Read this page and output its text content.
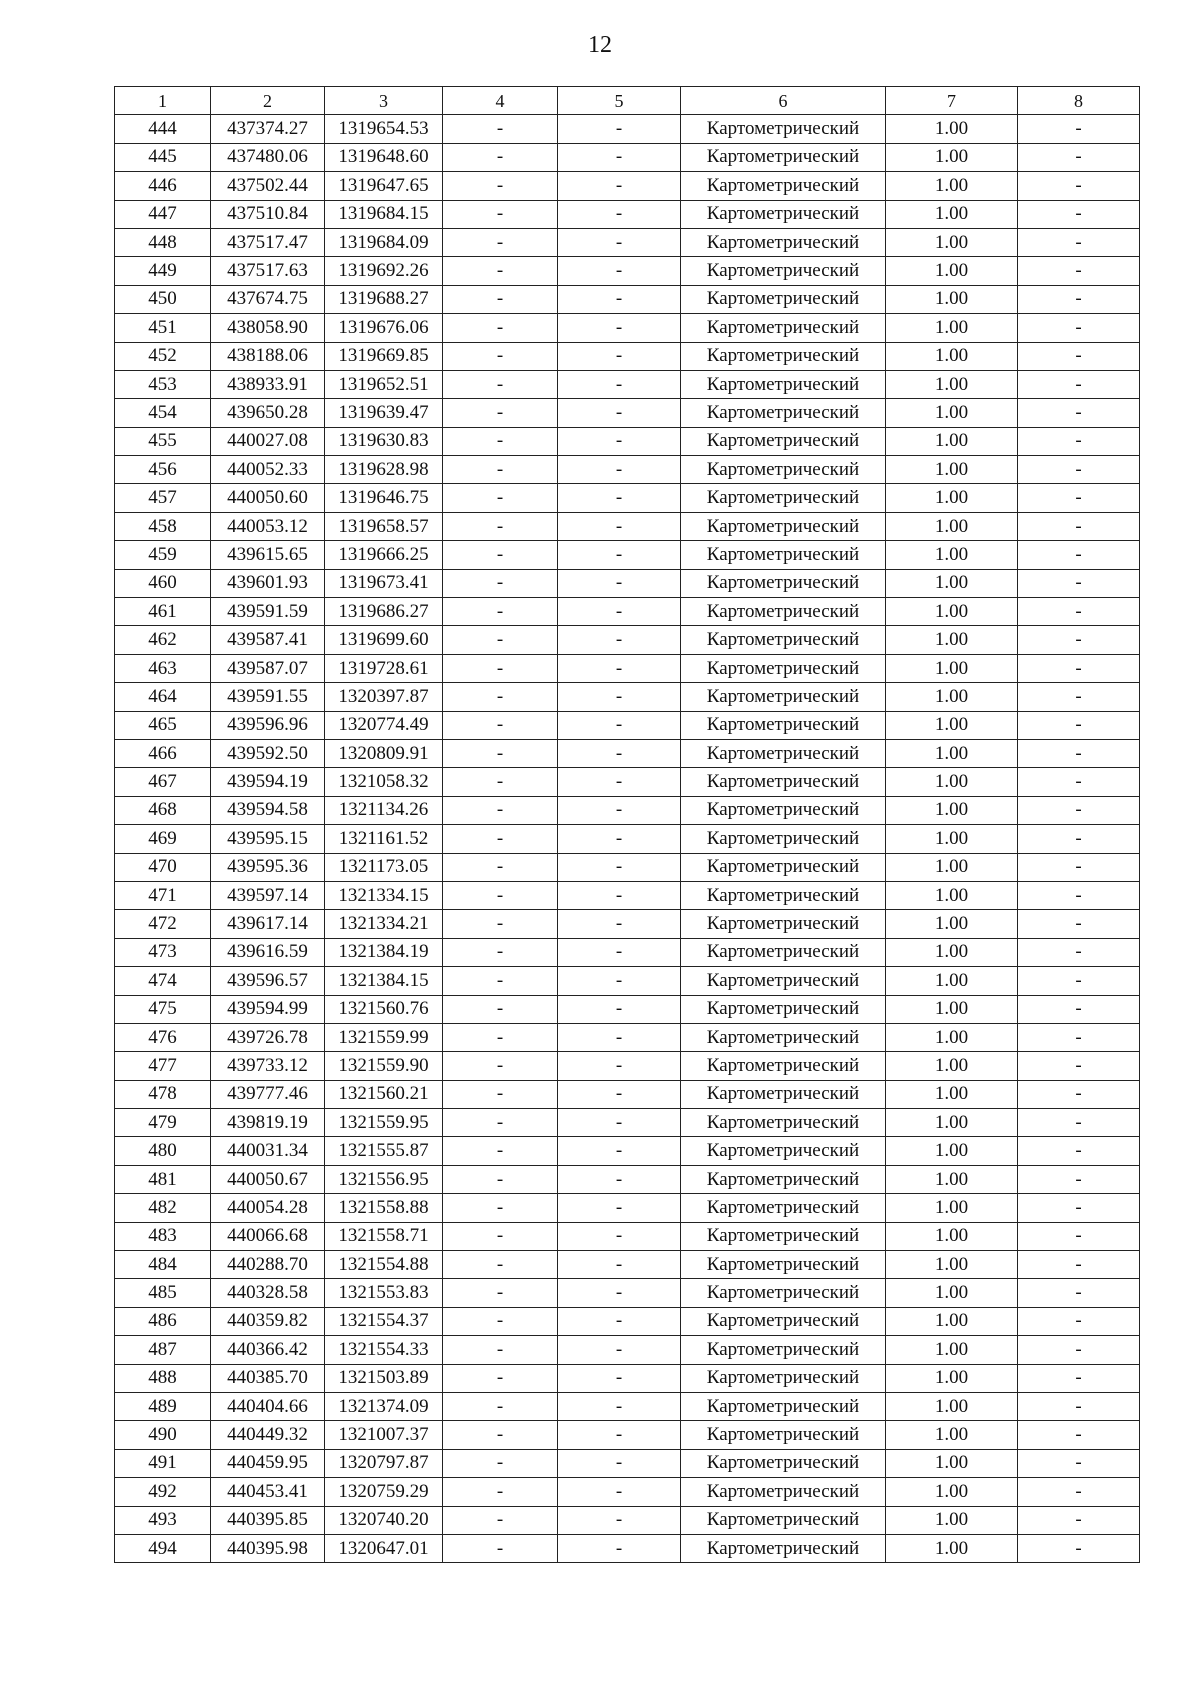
12
1	2	3	4	5	6	7	8
444	437374.27	1319654.53	-	-	Картометрический	1.00	-
445	437480.06	1319648.60	-	-	Картометрический	1.00	-
446	437502.44	1319647.65	-	-	Картометрический	1.00	-
447	437510.84	1319684.15	-	-	Картометрический	1.00	-
448	437517.47	1319684.09	-	-	Картометрический	1.00	-
449	437517.63	1319692.26	-	-	Картометрический	1.00	-
450	437674.75	1319688.27	-	-	Картометрический	1.00	-
451	438058.90	1319676.06	-	-	Картометрический	1.00	-
452	438188.06	1319669.85	-	-	Картометрический	1.00	-
453	438933.91	1319652.51	-	-	Картометрический	1.00	-
454	439650.28	1319639.47	-	-	Картометрический	1.00	-
455	440027.08	1319630.83	-	-	Картометрический	1.00	-
456	440052.33	1319628.98	-	-	Картометрический	1.00	-
457	440050.60	1319646.75	-	-	Картометрический	1.00	-
458	440053.12	1319658.57	-	-	Картометрический	1.00	-
459	439615.65	1319666.25	-	-	Картометрический	1.00	-
460	439601.93	1319673.41	-	-	Картометрический	1.00	-
461	439591.59	1319686.27	-	-	Картометрический	1.00	-
462	439587.41	1319699.60	-	-	Картометрический	1.00	-
463	439587.07	1319728.61	-	-	Картометрический	1.00	-
464	439591.55	1320397.87	-	-	Картометрический	1.00	-
465	439596.96	1320774.49	-	-	Картометрический	1.00	-
466	439592.50	1320809.91	-	-	Картометрический	1.00	-
467	439594.19	1321058.32	-	-	Картометрический	1.00	-
468	439594.58	1321134.26	-	-	Картометрический	1.00	-
469	439595.15	1321161.52	-	-	Картометрический	1.00	-
470	439595.36	1321173.05	-	-	Картометрический	1.00	-
471	439597.14	1321334.15	-	-	Картометрический	1.00	-
472	439617.14	1321334.21	-	-	Картометрический	1.00	-
473	439616.59	1321384.19	-	-	Картометрический	1.00	-
474	439596.57	1321384.15	-	-	Картометрический	1.00	-
475	439594.99	1321560.76	-	-	Картометрический	1.00	-
476	439726.78	1321559.99	-	-	Картометрический	1.00	-
477	439733.12	1321559.90	-	-	Картометрический	1.00	-
478	439777.46	1321560.21	-	-	Картометрический	1.00	-
479	439819.19	1321559.95	-	-	Картометрический	1.00	-
480	440031.34	1321555.87	-	-	Картометрический	1.00	-
481	440050.67	1321556.95	-	-	Картометрический	1.00	-
482	440054.28	1321558.88	-	-	Картометрический	1.00	-
483	440066.68	1321558.71	-	-	Картометрический	1.00	-
484	440288.70	1321554.88	-	-	Картометрический	1.00	-
485	440328.58	1321553.83	-	-	Картометрический	1.00	-
486	440359.82	1321554.37	-	-	Картометрический	1.00	-
487	440366.42	1321554.33	-	-	Картометрический	1.00	-
488	440385.70	1321503.89	-	-	Картометрический	1.00	-
489	440404.66	1321374.09	-	-	Картометрический	1.00	-
490	440449.32	1321007.37	-	-	Картометрический	1.00	-
491	440459.95	1320797.87	-	-	Картометрический	1.00	-
492	440453.41	1320759.29	-	-	Картометрический	1.00	-
493	440395.85	1320740.20	-	-	Картометрический	1.00	-
494	440395.98	1320647.01	-	-	Картометрический	1.00	-
